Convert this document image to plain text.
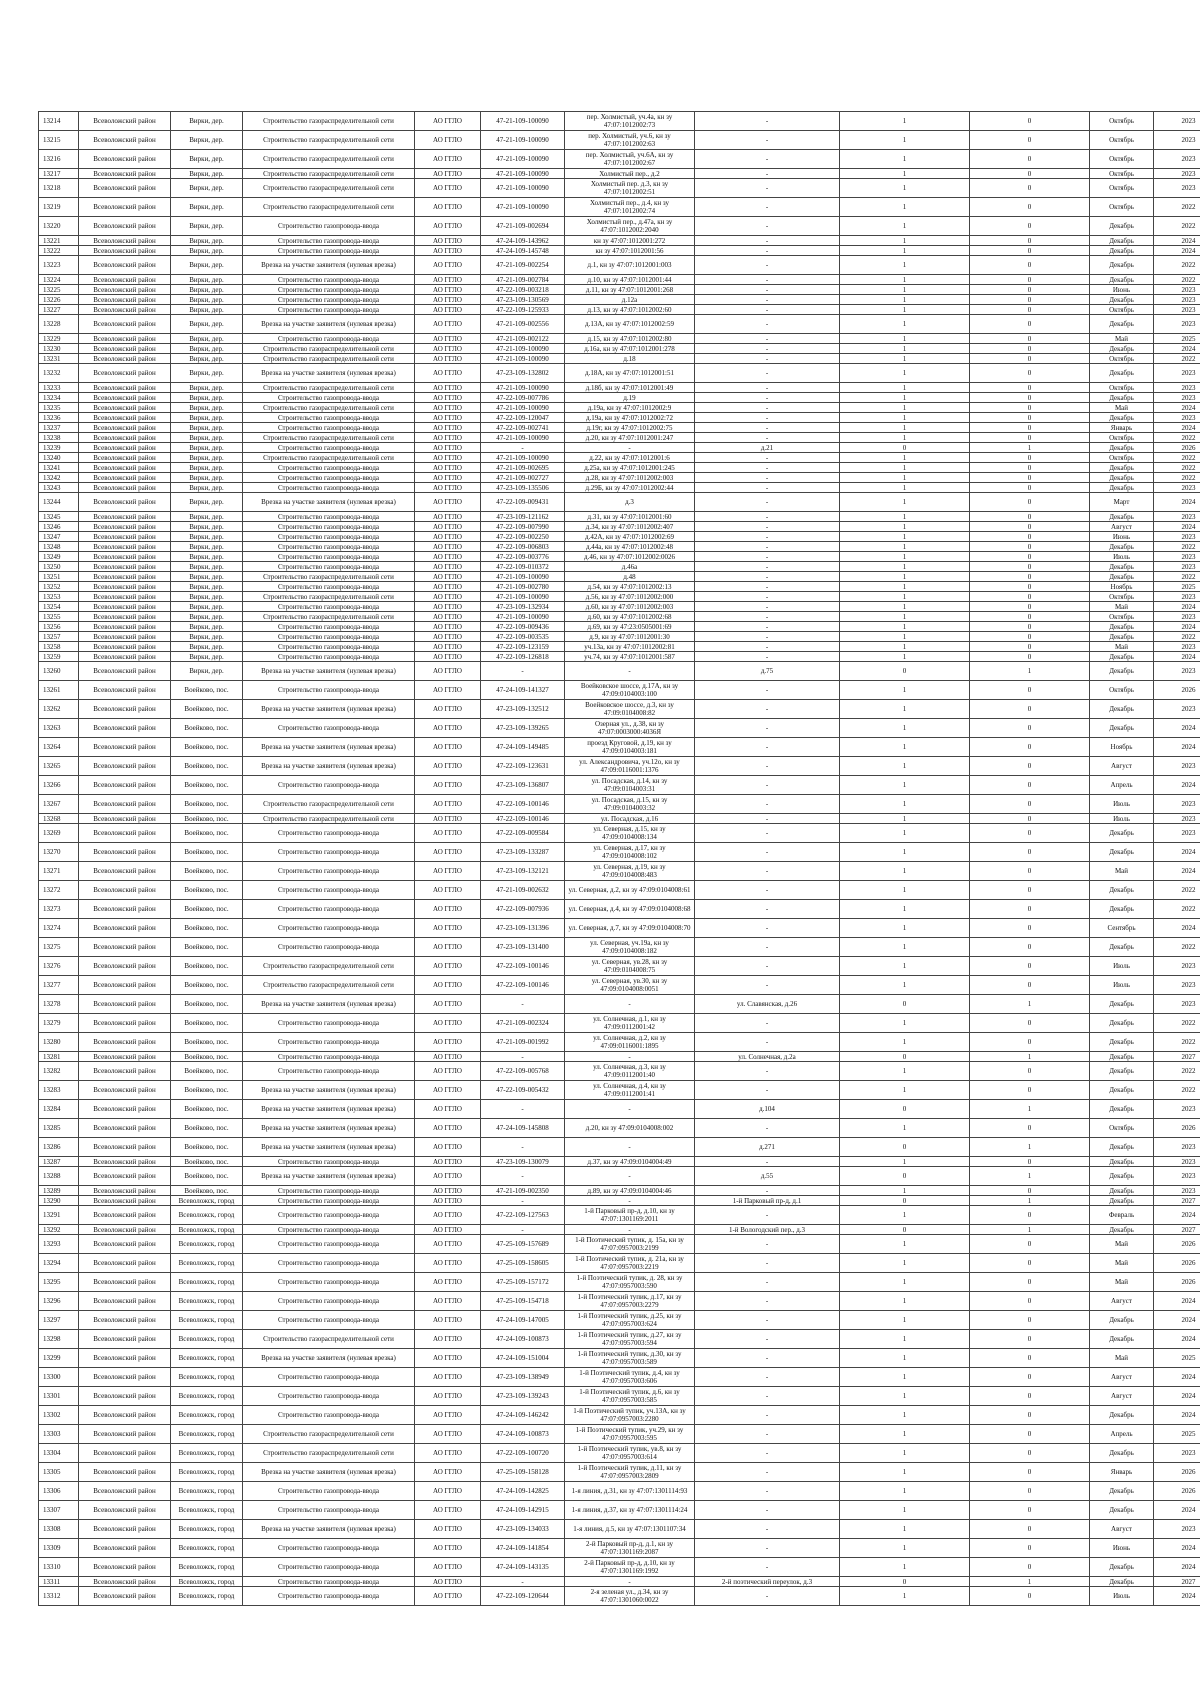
13214	Всеволожский район	Вирки, дер.	Строительство газораспределительной сети	АО ГГЛО	47-21-109-100090	пер. Холмистый, уч.4а, кн зу 47:07:1012002:73	-	1	0	Октябрь	2023
13215	Всеволожский район	Вирки, дер.	Строительство газораспределительной сети	АО ГГЛО	47-21-109-100090	пер. Холмистый, уч.6, кн зу 47:07:1012002:63	-	1	0	Октябрь	2023
13216	Всеволожский район	Вирки, дер.	Строительство газораспределительной сети	АО ГГЛО	47-21-109-100090	пер. Холмистый, уч.6А, кн зу 47:07:1012002:67	-	1	0	Октябрь	2023
13217	Всеволожский район	Вирки, дер.	Строительство газораспределительной сети	АО ГГЛО	47-21-109-100090	Холмистый пер., д.2	-	1	0	Октябрь	2023
13218	Всеволожский район	Вирки, дер.	Строительство газораспределительной сети	АО ГГЛО	47-21-109-100090	Холмистый пер. д.3, кн зу 47:07:1012002:51	-	1	0	Октябрь	2023
13219	Всеволожский район	Вирки, дер.	Строительство газораспределительной сети	АО ГГЛО	47-21-109-100090	Холмистый пер., д.4, кн зу 47:07:1012002:74	-	1	0	Октябрь	2022
13220	Всеволожский район	Вирки, дер.	Строительство газопровода-ввода	АО ГГЛО	47-21-109-002694	Холмистый пер., д.47а, кн зу 47:07:1012002:2040	-	1	0	Декабрь	2022
13221	Всеволожский район	Вирки, дер.	Строительство газопровода-ввода	АО ГГЛО	47-24-109-143962	кн зу 47:07:1012001:272	-	1	0	Декабрь	2024
13222	Всеволожский район	Вирки, дер.	Строительство газопровода-ввода	АО ГГЛО	47-24-109-145748	кн зу 47:07:1012001:56	-	1	0	Декабрь	2024
13223	Всеволожский район	Вирки, дер.	Врезка на участке заявителя (нулевая врезка)	АО ГГЛО	47-21-109-002254	д.1, кн зу 47:07:1012001:003	-	1	0	Декабрь	2022
13224	Всеволожский район	Вирки, дер.	Строительство газопровода-ввода	АО ГГЛО	47-21-109-002784	д.10, кн зу 47:07:1012001:44	-	1	0	Декабрь	2022
13225	Всеволожский район	Вирки, дер.	Строительство газопровода-ввода	АО ГГЛО	47-22-109-003218	д.11, кн зу 47:07:1012001:268	-	1	0	Июнь	2023
13226	Всеволожский район	Вирки, дер.	Строительство газопровода-ввода	АО ГГЛО	47-23-109-130569	д.12а	-	1	0	Декабрь	2023
13227	Всеволожский район	Вирки, дер.	Строительство газопровода-ввода	АО ГГЛО	47-22-109-125933	д.13, кн зу 47:07:1012002:60	-	1	0	Октябрь	2023
13228	Всеволожский район	Вирки, дер.	Врезка на участке заявителя (нулевая врезка)	АО ГГЛО	47-21-109-002556	д.13А, кн зу 47:07:1012002:59	-	1	0	Декабрь	2023
13229	Всеволожский район	Вирки, дер.	Строительство газопровода-ввода	АО ГГЛО	47-21-109-002122	д.15, кн зу 47:07:1012002:80	-	1	0	Май	2025
13230	Всеволожский район	Вирки, дер.	Строительство газораспределительной сети	АО ГГЛО	47-21-109-100090	д.16а, кн зу 47:07:1012001:278	-	1	0	Декабрь	2024
13231	Всеволожский район	Вирки, дер.	Строительство газораспределительной сети	АО ГГЛО	47-21-109-100090	д.18	-	1	0	Октябрь	2022
13232	Всеволожский район	Вирки, дер.	Врезка на участке заявителя (нулевая врезка)	АО ГГЛО	47-23-109-132802	д.18А, кн зу 47:07:1012001:51	-	1	0	Декабрь	2023
13233	Всеволожский район	Вирки, дер.	Строительство газораспределительной сети	АО ГГЛО	47-21-109-100090	д.18б, кн зу 47:07:1012001:49	-	1	0	Октябрь	2023
13234	Всеволожский район	Вирки, дер.	Строительство газопровода-ввода	АО ГГЛО	47-22-109-007786	д.19	-	1	0	Декабрь	2023
13235	Всеволожский район	Вирки, дер.	Строительство газораспределительной сети	АО ГГЛО	47-21-109-100090	д.19а, кн зу 47:07:1012002:9	-	1	0	Май	2024
13236	Всеволожский район	Вирки, дер.	Строительство газопровода-ввода	АО ГГЛО	47-22-109-120047	д.19а, кн зу 47:07:1012002:72	-	1	0	Декабрь	2023
13237	Всеволожский район	Вирки, дер.	Строительство газопровода-ввода	АО ГГЛО	47-22-109-002741	д.19г, кн зу 47:07:1012002:75	-	1	0	Январь	2024
13238	Всеволожский район	Вирки, дер.	Строительство газораспределительной сети	АО ГГЛО	47-21-109-100090	д.20, кн зу 47:07:1012001:247	-	1	0	Октябрь	2022
13239	Всеволожский район	Вирки, дер.	Строительство газопровода-ввода	АО ГГЛО	-	-	д.21	0	1	Декабрь	2026
13240	Всеволожский район	Вирки, дер.	Строительство газораспределительной сети	АО ГГЛО	47-21-109-100090	д.22, кн зу 47:07:1012001:6	-	1	0	Октябрь	2022
13241	Всеволожский район	Вирки, дер.	Строительство газопровода-ввода	АО ГГЛО	47-21-109-002695	д.25а, кн зу 47:07:1012001:245	-	1	0	Декабрь	2022
13242	Всеволожский район	Вирки, дер.	Строительство газопровода-ввода	АО ГГЛО	47-21-109-002727	д.28, кн зу 47:07:1012002:003	-	1	0	Декабрь	2022
13243	Всеволожский район	Вирки, дер.	Строительство газопровода-ввода	АО ГГЛО	47-23-109-135506	д.29Б, кн зу 47:07:1012002:44	-	1	0	Декабрь	2023
13244	Всеволожский район	Вирки, дер.	Врезка на участке заявителя (нулевая врезка)	АО ГГЛО	47-22-109-009431	д.3	-	1	0	Март	2024
13245	Всеволожский район	Вирки, дер.	Строительство газопровода-ввода	АО ГГЛО	47-23-109-121162	д.31, кн зу 47:07:1012001:60	-	1	0	Декабрь	2023
13246	Всеволожский район	Вирки, дер.	Строительство газопровода-ввода	АО ГГЛО	47-22-109-007990	д.34, кн зу 47:07:1012002:407	-	1	0	Август	2024
13247	Всеволожский район	Вирки, дер.	Строительство газопровода-ввода	АО ГГЛО	47-22-109-002250	д.42А, кн зу 47:07:1012002:69	-	1	0	Июнь	2023
13248	Всеволожский район	Вирки, дер.	Строительство газопровода-ввода	АО ГГЛО	47-22-109-006803	д.44а, кн зу 47:07:1012002:48	-	1	0	Декабрь	2022
13249	Всеволожский район	Вирки, дер.	Строительство газопровода-ввода	АО ГГЛО	47-22-109-003776	д.46, кн зу 47:07:1012002:0026	-	1	0	Июль	2023
13250	Всеволожский район	Вирки, дер.	Строительство газопровода-ввода	АО ГГЛО	47-22-109-010372	д.46а	-	1	0	Декабрь	2023
13251	Всеволожский район	Вирки, дер.	Строительство газораспределительной сети	АО ГГЛО	47-21-109-100090	д.48	-	1	0	Декабрь	2022
13252	Всеволожский район	Вирки, дер.	Строительство газопровода-ввода	АО ГГЛО	47-21-109-002780	д.54, кн зу 47:07:1012002:13	-	1	0	Ноябрь	2025
13253	Всеволожский район	Вирки, дер.	Строительство газораспределительной сети	АО ГГЛО	47-21-109-100090	д.56, кн зу 47:07:1012002:000	-	1	0	Октябрь	2023
13254	Всеволожский район	Вирки, дер.	Строительство газопровода-ввода	АО ГГЛО	47-23-109-132934	д.60, кн зу 47:07:1012002:003	-	1	0	Май	2024
13255	Всеволожский район	Вирки, дер.	Строительство газораспределительной сети	АО ГГЛО	47-21-109-100090	д.60, кн зу 47:07:1012002:68	-	1	0	Октябрь	2023
13256	Всеволожский район	Вирки, дер.	Строительство газопровода-ввода	АО ГГЛО	47-22-109-009436	д.69, кн зу 47:23:0505001:69	-	1	0	Декабрь	2024
13257	Всеволожский район	Вирки, дер.	Строительство газопровода-ввода	АО ГГЛО	47-22-109-003535	д.9, кн зу 47:07:1012001:30	-	1	0	Декабрь	2022
13258	Всеволожский район	Вирки, дер.	Строительство газопровода-ввода	АО ГГЛО	47-22-109-123159	уч.13а, кн зу 47:07:1012002:81	-	1	0	Май	2023
13259	Всеволожский район	Вирки, дер.	Строительство газопровода-ввода	АО ГГЛО	47-22-109-126818	уч.74, кн зу 47:07:1012001:587	-	1	0	Декабрь	2024
13260	Всеволожский район	Вирки, дер.	Врезка на участке заявителя (нулевая врезка)	АО ГГЛО	-	-	д.75	0	1	Декабрь	2023
13261	Всеволожский район	Воейково, пос.	Строительство газопровода-ввода	АО ГГЛО	47-24-109-141327	Воейковское шоссе, д.17А, кн зу 47:09:0104003:100	-	1	0	Октябрь	2026
13262	Всеволожский район	Воейково, пос.	Врезка на участке заявителя (нулевая врезка)	АО ГГЛО	47-23-109-132512	Воейковское шоссе, д.3, кн зу 47:09:0104008:82	-	1	0	Декабрь	2023
13263	Всеволожский район	Воейково, пос.	Строительство газопровода-ввода	АО ГГЛО	47-23-109-139265	Озерная ул., д.38, кн зу 47:07:0003000:4036Я	-	1	0	Декабрь	2024
13264	Всеволожский район	Воейково, пос.	Врезка на участке заявителя (нулевая врезка)	АО ГГЛО	47-24-109-149485	проезд Круговой, д.19, кн зу 47:09:0104003:181	-	1	0	Ноябрь	2024
13265	Всеволожский район	Воейково, пос.	Врезка на участке заявителя (нулевая врезка)	АО ГГЛО	47-22-109-123631	ул. Александровича, уч.12о, кн зу 47:09:0116001:1376	-	1	0	Август	2023
13266	Всеволожский район	Воейково, пос.	Строительство газопровода-ввода	АО ГГЛО	47-23-109-136807	ул. Посадская, д.14, кн зу 47:09:0104003:31	-	1	0	Апрель	2024
13267	Всеволожский район	Воейково, пос.	Строительство газораспределительной сети	АО ГГЛО	47-22-109-100146	ул. Посадская, д.15, кн зу 47:09:0104003:32	-	1	0	Июль	2023
13268	Всеволожский район	Воейково, пос.	Строительство газораспределительной сети	АО ГГЛО	47-22-109-100146	ул. Посадская, д.16	-	1	0	Июль	2023
13269	Всеволожский район	Воейково, пос.	Строительство газопровода-ввода	АО ГГЛО	47-22-109-009584	ул. Северная, д.15, кн зу 47:09:0104008:134	-	1	0	Декабрь	2023
13270	Всеволожский район	Воейково, пос.	Строительство газопровода-ввода	АО ГГЛО	47-23-109-133287	ул. Северная, д.17, кн зу 47:09:0104008:102	-	1	0	Декабрь	2024
13271	Всеволожский район	Воейково, пос.	Строительство газопровода-ввода	АО ГГЛО	47-23-109-132121	ул. Северная, д.19, кн зу 47:09:0104008:483	-	1	0	Май	2024
13272	Всеволожский район	Воейково, пос.	Строительство газопровода-ввода	АО ГГЛО	47-21-109-002632	ул. Северная, д.2, кн зу 47:09:0104008:61	-	1	0	Декабрь	2022
13273	Всеволожский район	Воейково, пос.	Строительство газопровода-ввода	АО ГГЛО	47-22-109-007936	ул. Северная, д.4, кн зу 47:09:0104008:68	-	1	0	Декабрь	2022
13274	Всеволожский район	Воейково, пос.	Строительство газопровода-ввода	АО ГГЛО	47-23-109-131396	ул. Северная, д.7, кн зу 47:09:0104008:70	-	1	0	Сентябрь	2024
13275	Всеволожский район	Воейково, пос.	Строительство газопровода-ввода	АО ГГЛО	47-23-109-131400	ул. Северная, уч.19а, кн зу 47:09:0104008:182	-	1	0	Декабрь	2022
13276	Всеволожский район	Воейково, пос.	Строительство газораспределительной сети	АО ГГЛО	47-22-109-100146	ул. Северная, ув.28, кн зу 47:09:0104008:75	-	1	0	Июль	2023
13277	Всеволожский район	Воейково, пос.	Строительство газораспределительной сети	АО ГГЛО	47-22-109-100146	ул. Северная, ув.30, кн зу 47:09:0104008:0051	-	1	0	Июль	2023
13278	Всеволожский район	Воейково, пос.	Врезка на участке заявителя (нулевая врезка)	АО ГГЛО	-	-	ул. Славянская, д.26	0	1	Декабрь	2023
13279	Всеволожский район	Воейково, пос.	Строительство газопровода-ввода	АО ГГЛО	47-21-109-002324	ул. Солнечная, д.1, кн зу 47:09:0112001:42	-	1	0	Декабрь	2022
13280	Всеволожский район	Воейково, пос.	Строительство газопровода-ввода	АО ГГЛО	47-21-109-001992	ул. Солнечная, д.2, кн зу 47:09:0116001:1895	-	1	0	Декабрь	2022
13281	Всеволожский район	Воейково, пос.	Строительство газопровода-ввода	АО ГГЛО	-	-	ул. Солнечная, д.2а	0	1	Декабрь	2027
13282	Всеволожский район	Воейково, пос.	Строительство газопровода-ввода	АО ГГЛО	47-22-109-005768	ул. Солнечная, д.3, кн зу 47:09:0112001:40	-	1	0	Декабрь	2022
13283	Всеволожский район	Воейково, пос.	Врезка на участке заявителя (нулевая врезка)	АО ГГЛО	47-22-109-005432	ул. Солнечная, д.4, кн зу 47:09:0112001:41	-	1	0	Декабрь	2022
13284	Всеволожский район	Воейково, пос.	Врезка на участке заявителя (нулевая врезка)	АО ГГЛО	-	-	д.104	0	1	Декабрь	2023
13285	Всеволожский район	Воейково, пос.	Врезка на участке заявителя (нулевая врезка)	АО ГГЛО	47-24-109-145808	д.20, кн зу 47:09:0104008:002	-	1	0	Октябрь	2026
13286	Всеволожский район	Воейково, пос.	Врезка на участке заявителя (нулевая врезка)	АО ГГЛО	-	-	д.271	0	1	Декабрь	2023
13287	Всеволожский район	Воейково, пос.	Строительство газопровода-ввода	АО ГГЛО	47-23-109-130079	д.37, кн зу 47:09:0104004:49	-	1	0	Декабрь	2023
13288	Всеволожский район	Воейково, пос.	Врезка на участке заявителя (нулевая врезка)	АО ГГЛО	-	-	д.55	0	1	Декабрь	2023
13289	Всеволожский район	Воейково, пос.	Строительство газопровода-ввода	АО ГГЛО	47-21-109-002350	д.89, кн зу 47:09:0104004:46	-	1	0	Декабрь	2023
13290	Всеволожский район	Всеволожск, город	Строительство газопровода-ввода	АО ГГЛО	-	-	1-й Парковый пр-д, д.1	0	1	Декабрь	2027
13291	Всеволожский район	Всеволожск, город	Строительство газопровода-ввода	АО ГГЛО	47-22-109-127563	1-й Парковый пр-д, д.10, кн зу 47:07:1301169:2011	-	1	0	Февраль	2024
13292	Всеволожский район	Всеволожск, город	Строительство газопровода-ввода	АО ГГЛО	-	-	1-й Вологодский пер., д.3	0	1	Декабрь	2027
13293	Всеволожский район	Всеволожск, город	Строительство газопровода-ввода	АО ГГЛО	47-25-109-157689	1-й Поэтический тупик, д. 15а, кн зу 47:07:0957003:2199	-	1	0	Май	2026
13294	Всеволожский район	Всеволожск, город	Строительство газопровода-ввода	АО ГГЛО	47-25-109-158605	1-й Поэтический тупик, д. 21а, кн зу 47:07:0957003:2219	-	1	0	Май	2026
13295	Всеволожский район	Всеволожск, город	Строительство газопровода-ввода	АО ГГЛО	47-25-109-157172	1-й Поэтический тупик, д. 28, кн зу 47:07:0957003:590	-	1	0	Май	2026
13296	Всеволожский район	Всеволожск, город	Строительство газопровода-ввода	АО ГГЛО	47-25-109-154718	1-й Поэтический тупик, д.17, кн зу 47:07:0957003:2279	-	1	0	Август	2024
13297	Всеволожский район	Всеволожск, город	Строительство газопровода-ввода	АО ГГЛО	47-24-109-147005	1-й Поэтический тупик, д.25, кн зу 47:07:0957003:624	-	1	0	Декабрь	2024
13298	Всеволожский район	Всеволожск, город	Строительство газораспределительной сети	АО ГГЛО	47-24-109-100873	1-й Поэтический тупик, д.27, кн зу 47:07:0957003:594	-	1	0	Декабрь	2024
13299	Всеволожский район	Всеволожск, город	Врезка на участке заявителя (нулевая врезка)	АО ГГЛО	47-24-109-151004	1-й Поэтический тупик, д.30, кн зу 47:07:0957003:589	-	1	0	Май	2025
13300	Всеволожский район	Всеволожск, город	Строительство газопровода-ввода	АО ГГЛО	47-23-109-138949	1-й Поэтический тупик, д.4, кн зу 47:07:0957003:606	-	1	0	Август	2024
13301	Всеволожский район	Всеволожск, город	Строительство газопровода-ввода	АО ГГЛО	47-23-109-139243	1-й Поэтический тупик, д.6, кн зу 47:07:0957003:585	-	1	0	Август	2024
13302	Всеволожский район	Всеволожск, город	Строительство газопровода-ввода	АО ГГЛО	47-24-109-146242	1-й Поэтический тупик, уч.13А, кн зу 47:07:0957003:2280	-	1	0	Декабрь	2024
13303	Всеволожский район	Всеволожск, город	Строительство газораспределительной сети	АО ГГЛО	47-24-109-100873	1-й Поэтический тупик, уч.29, кн зу 47:07:0957003:595	-	1	0	Апрель	2025
13304	Всеволожский район	Всеволожск, город	Строительство газораспределительной сети	АО ГГЛО	47-22-109-100720	1-й Поэтический тупик, ув.8, кн зу 47:07:0957003:614	-	1	0	Декабрь	2023
13305	Всеволожский район	Всеволожск, город	Врезка на участке заявителя (нулевая врезка)	АО ГГЛО	47-25-109-158128	1-й Поэтический тупик, д.11, кн зу 47:07:0957003:2809	-	1	0	Январь	2026
13306	Всеволожский район	Всеволожск, город	Строительство газопровода-ввода	АО ГГЛО	47-24-109-142825	1-я линия, д.31, кн зу 47:07:1301114:93	-	1	0	Декабрь	2026
13307	Всеволожский район	Всеволожск, город	Строительство газопровода-ввода	АО ГГЛО	47-24-109-142915	1-я линия, д.37, кн зу 47:07:1301114:24	-	1	0	Декабрь	2024
13308	Всеволожский район	Всеволожск, город	Врезка на участке заявителя (нулевая врезка)	АО ГГЛО	47-23-109-134033	1-я линия, д.5, кн зу 47:07:1301107:34	-	1	0	Август	2023
13309	Всеволожский район	Всеволожск, город	Строительство газопровода-ввода	АО ГГЛО	47-24-109-141854	2-й Парковый пр-д, д.1, кн зу 47:07:1301169:2087	-	1	0	Июнь	2024
13310	Всеволожский район	Всеволожск, город	Строительство газопровода-ввода	АО ГГЛО	47-24-109-143135	2-й Парковый пр-д, д.10, кн зу 47:07:1301169:1992	-	1	0	Декабрь	2024
13311	Всеволожский район	Всеволожск, город	Строительство газопровода-ввода	АО ГГЛО	-	-	2-й поэтический переулок, д.3	0	1	Декабрь	2027
13312	Всеволожский район	Всеволожск, город	Строительство газопровода-ввода	АО ГГЛО	47-22-109-120644	2-я зеленая ул., д.34, кн зу 47:07:1301060:0022	-	1	0	Июль	2024
